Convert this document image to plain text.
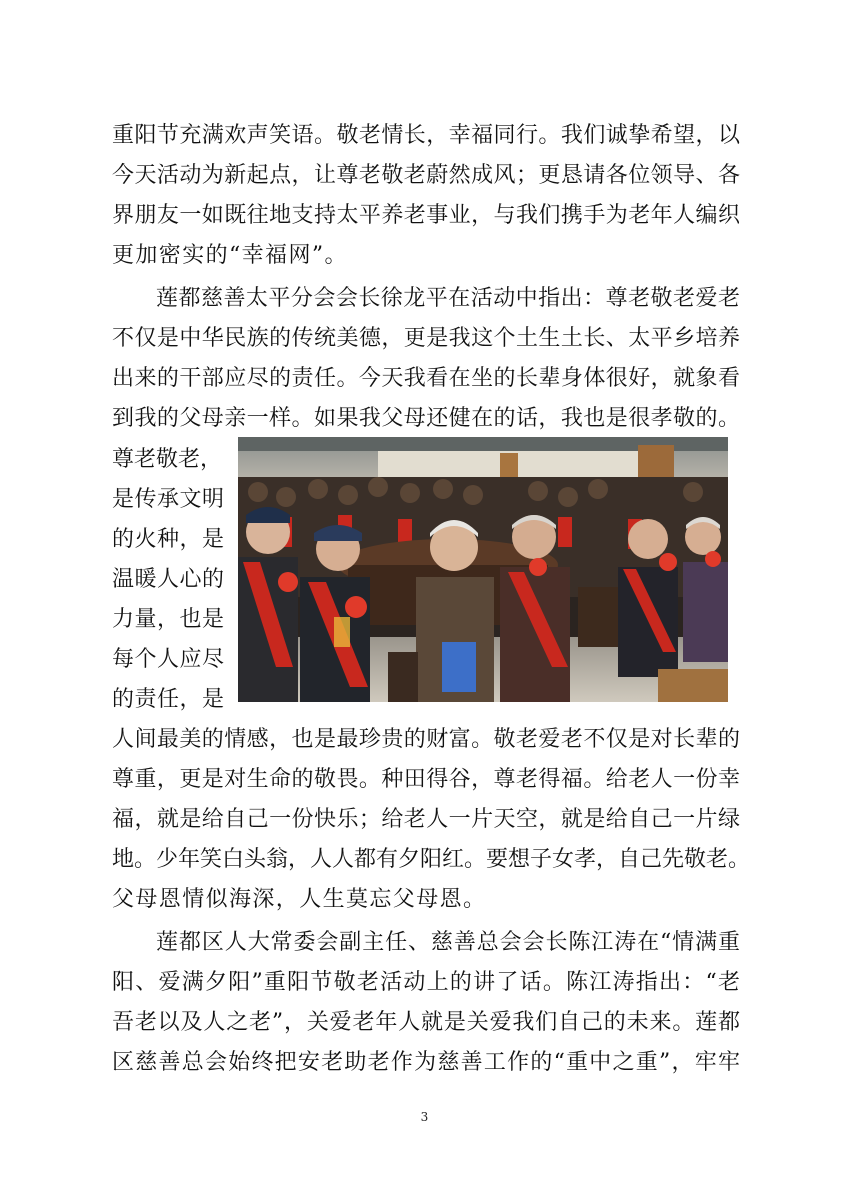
重阳节充满欢声笑语。敬老情长，幸福同行。我们诚挚希望，以
今天活动为新起点，让尊老敬老蔚然成风；更恳请各位领导、各
界朋友一如既往地支持太平养老事业，与我们携手为老年人编织
更加密实的“幸福网”。
莲都慈善太平分会会长徐龙平在活动中指出：尊老敬老爱老
不仅是中华民族的传统美德，更是我这个土生土长、太平乡培养
出来的干部应尽的责任。今天我看在坐的长辈身体很好，就象看
到我的父母亲一样。如果我父母还健在的话，我也是很孝敬的。
尊老敬老，
是传承文明
的火种，是
温暖人心的
力量，也是
每个人应尽
的责任，是
人间最美的情感，也是最珍贵的财富。敬老爱老不仅是对长辈的
尊重，更是对生命的敬畏。种田得谷，尊老得福。给老人一份幸
福，就是给自己一份快乐；给老人一片天空，就是给自己一片绿
地。少年笑白头翁，人人都有夕阳红。要想子女孝，自己先敬老。
父母恩情似海深，人生莫忘父母恩。
莲都区人大常委会副主任、慈善总会会长陈江涛在“情满重
阳、爱满夕阳”重阳节敬老活动上的讲了话。陈江涛指出：“老
吾老以及人之老”，关爱老年人就是关爱我们自己的未来。莲都
区慈善总会始终把安老助老作为慈善工作的“重中之重”，牢牢
3
